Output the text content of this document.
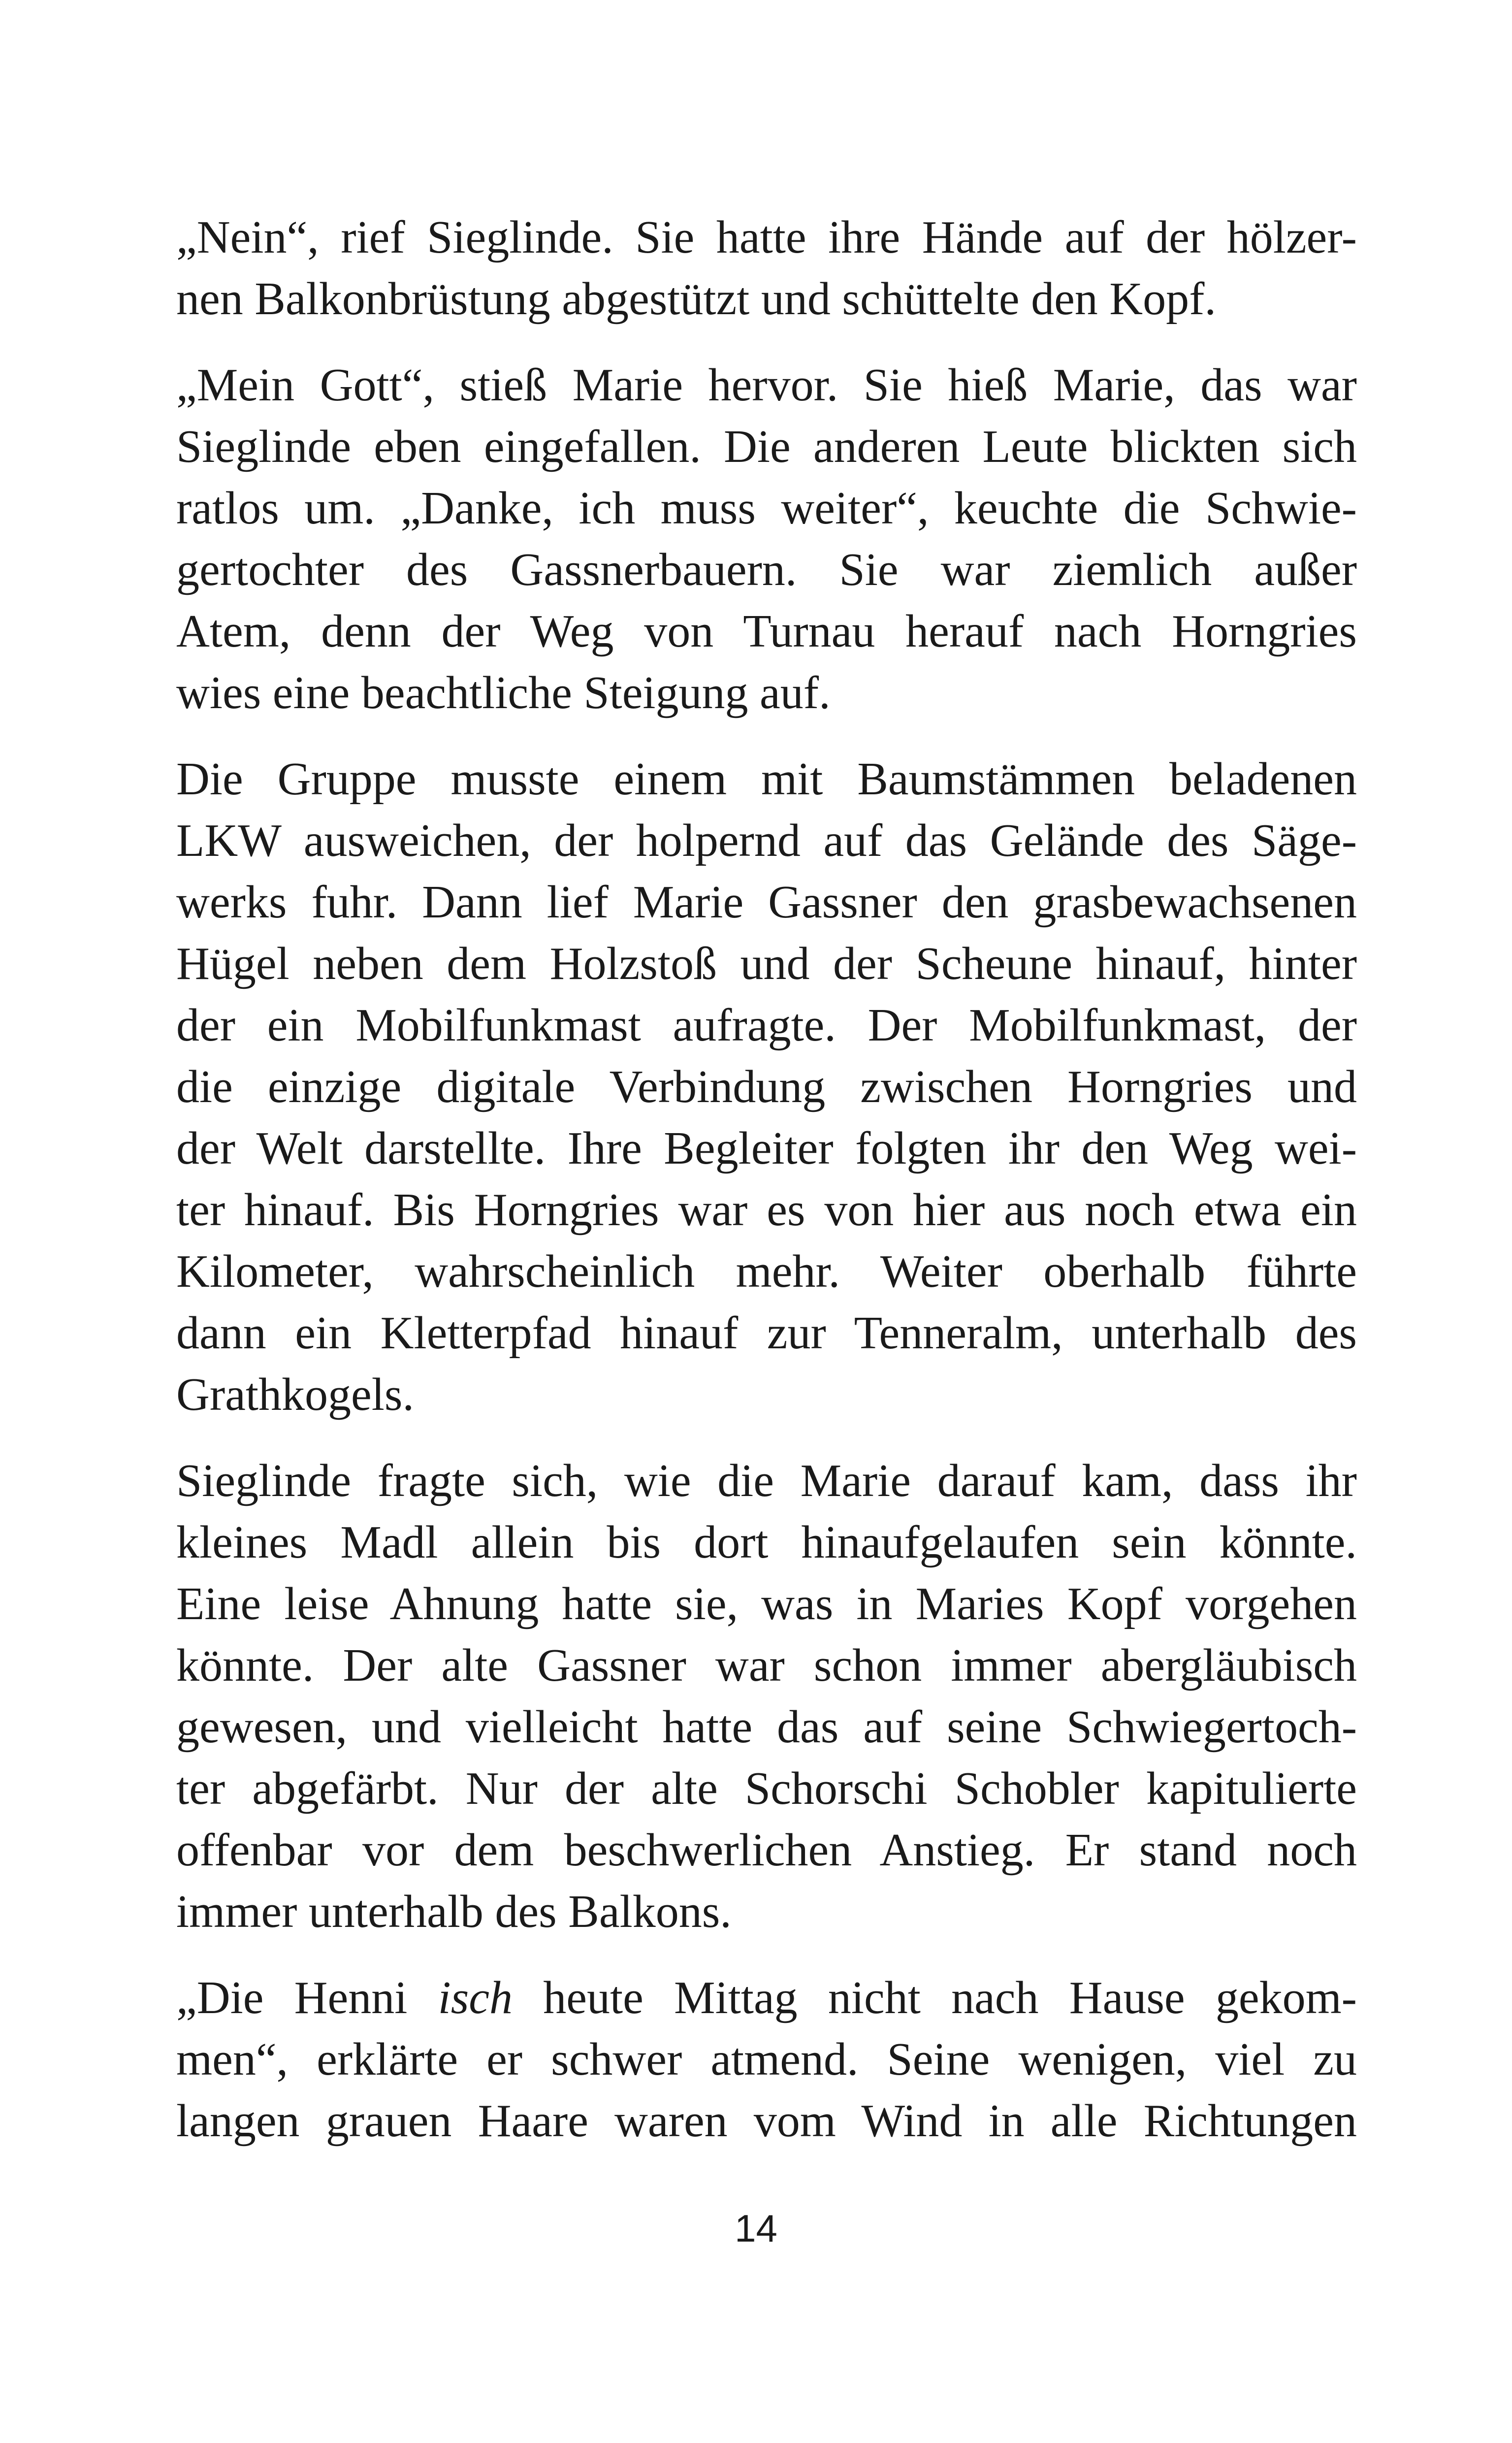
„Nein“, rief Sieglinde. Sie hatte ihre Hände auf der hölzer-
nen Balkonbrüstung abgestützt und schüttelte den Kopf.

„Mein Gott“, stieß Marie hervor. Sie hieß Marie, das war
Sieglinde eben eingefallen. Die anderen Leute blickten sich
ratlos um. „Danke, ich muss weiter“, keuchte die Schwie-
gertochter des Gassnerbauern. Sie war ziemlich außer
Atem, denn der Weg von Turnau herauf nach Horngries
wies eine beachtliche Steigung auf.

Die Gruppe musste einem mit Baumstämmen beladenen
LKW ausweichen, der holpernd auf das Gelände des Säge-
werks fuhr. Dann lief Marie Gassner den grasbewachsenen
Hügel neben dem Holzstoß und der Scheune hinauf, hinter
der ein Mobilfunkmast aufragte. Der Mobilfunkmast, der
die einzige digitale Verbindung zwischen Horngries und
der Welt darstellte. Ihre Begleiter folgten ihr den Weg wei-
ter hinauf. Bis Horngries war es von hier aus noch etwa ein
Kilometer, wahrscheinlich mehr. Weiter oberhalb führte
dann ein Kletterpfad hinauf zur Tenneralm, unterhalb des
Grathkogels.

Sieglinde fragte sich, wie die Marie darauf kam, dass ihr
kleines Madl allein bis dort hinaufgelaufen sein könnte.
Eine leise Ahnung hatte sie, was in Maries Kopf vorgehen
könnte. Der alte Gassner war schon immer abergläubisch
gewesen, und vielleicht hatte das auf seine Schwiegertoch-
ter abgefärbt. Nur der alte Schorschi Schobler kapitulierte
offenbar vor dem beschwerlichen Anstieg. Er stand noch
immer unterhalb des Balkons.

„Die Henni isch heute Mittag nicht nach Hause gekom-
men“, erklärte er schwer atmend. Seine wenigen, viel zu
langen grauen Haare waren vom Wind in alle Richtungen

14
